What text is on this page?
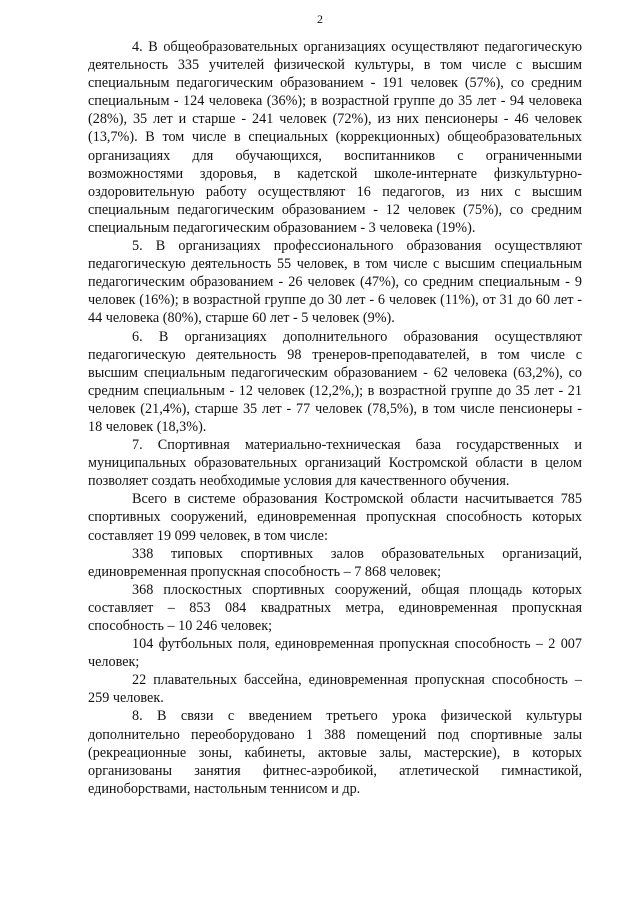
2

4. В общеобразовательных организациях осуществляют педагогическую деятельность 335 учителей физической культуры, в том числе с высшим специальным педагогическим образованием - 191 человек (57%), со средним специальным - 124 человека (36%); в возрастной группе до 35 лет - 94 человека (28%), 35 лет и старше - 241 человек (72%), из них пенсионеры - 46 человек (13,7%). В том числе в специальных (коррекционных) общеобразовательных организациях для обучающихся, воспитанников с ограниченными возможностями здоровья, в кадетской школе-интернате физкультурно-оздоровительную работу осуществляют 16 педагогов, из них с высшим специальным педагогическим образованием - 12 человек (75%), со средним специальным педагогическим образованием - 3 человека (19%).

5. В организациях профессионального образования осуществляют педагогическую деятельность 55 человек, в том числе с высшим специальным педагогическим образованием - 26 человек (47%), со средним специальным - 9 человек (16%); в возрастной группе до 30 лет - 6 человек (11%), от 31 до 60 лет - 44 человека (80%), старше 60 лет - 5 человек (9%).

6. В организациях дополнительного образования осуществляют педагогическую деятельность 98 тренеров-преподавателей, в том числе с высшим специальным педагогическим образованием - 62 человека (63,2%), со средним специальным - 12 человек (12,2%,); в возрастной группе до 35 лет - 21 человек (21,4%), старше 35 лет - 77 человек (78,5%), в том числе пенсионеры - 18 человек (18,3%).

7. Спортивная материально-техническая база государственных и муниципальных образовательных организаций Костромской области в целом позволяет создать необходимые условия для качественного обучения.

Всего в системе образования Костромской области насчитывается 785 спортивных сооружений, единовременная пропускная способность которых составляет 19 099 человек, в том числе:

338 типовых спортивных залов образовательных организаций, единовременная пропускная способность – 7 868 человек;

368 плоскостных спортивных сооружений, общая площадь которых составляет – 853 084 квадратных метра, единовременная пропускная способность – 10 246 человек;

104 футбольных поля, единовременная пропускная способность – 2 007 человек;

22 плавательных бассейна, единовременная пропускная способность – 259 человек.

8. В связи с введением третьего урока физической культуры дополнительно переоборудовано 1 388 помещений под спортивные залы (рекреационные зоны, кабинеты, актовые залы, мастерские), в которых организованы занятия фитнес-аэробикой, атлетической гимнастикой, единоборствами, настольным теннисом и др.
